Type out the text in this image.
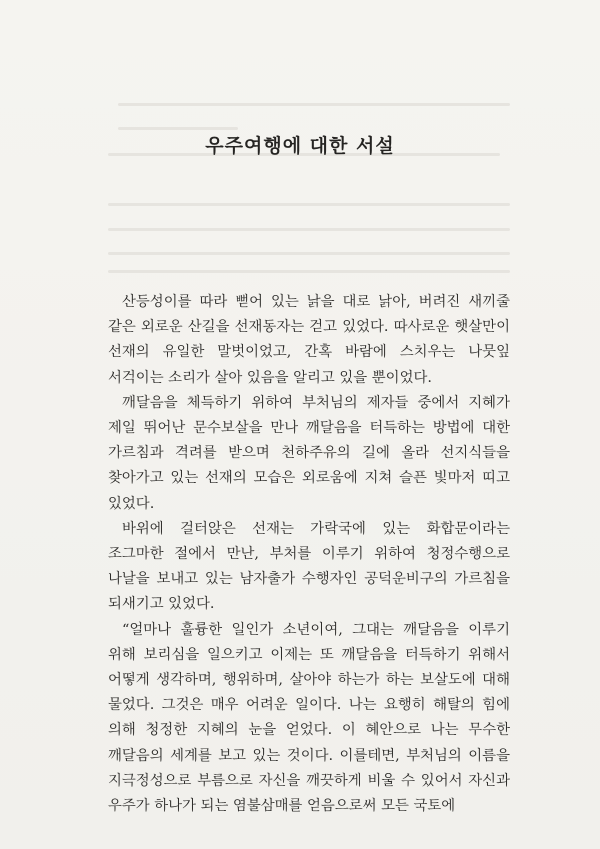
우주여행에 대한 서설

산등성이를 따라 뻗어 있는 낡을 대로 낡아, 버려진 새끼줄 같은 외로운 산길을 선재동자는 걷고 있었다. 따사로운 햇살만이 선재의 유일한 말벗이었고, 간혹 바람에 스치우는 나뭇잎 서걱이는 소리가 살아 있음을 알리고 있을 뿐이었다.

깨달음을 체득하기 위하여 부처님의 제자들 중에서 지혜가 제일 뛰어난 문수보살을 만나 깨달음을 터득하는 방법에 대한 가르침과 격려를 받으며 천하주유의 길에 올라 선지식들을 찾아가고 있는 선재의 모습은 외로움에 지쳐 슬픈 빛마저 띠고 있었다.

바위에 걸터앉은 선재는 가락국에 있는 화합문이라는 조그마한 절에서 만난, 부처를 이루기 위하여 청정수행으로 나날을 보내고 있는 남자출가 수행자인 공덕운비구의 가르침을 되새기고 있었다.

“얼마나 훌륭한 일인가 소년이여, 그대는 깨달음을 이루기 위해 보리심을 일으키고 이제는 또 깨달음을 터득하기 위해서 어떻게 생각하며, 행위하며, 살아야 하는가 하는 보살도에 대해 물었다. 그것은 매우 어려운 일이다. 나는 요행히 해탈의 힘에 의해 청정한 지혜의 눈을 얻었다. 이 혜안으로 나는 무수한 깨달음의 세계를 보고 있는 것이다. 이를테면, 부처님의 이름을 지극정성으로 부름으로 자신을 깨끗하게 비울 수 있어서 자신과 우주가 하나가 되는 염불삼매를 얻음으로써 모든 국토에
